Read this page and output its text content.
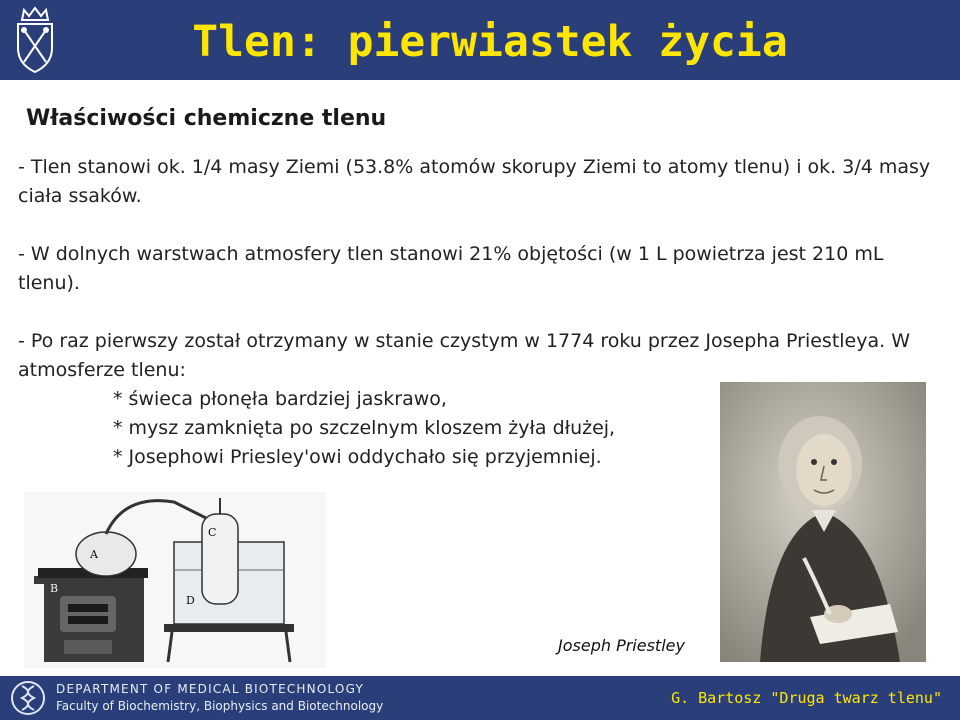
Tlen: pierwiastek życia
Właściwości chemiczne tlenu
- Tlen stanowi ok. 1/4 masy Ziemi (53.8% atomów skorupy Ziemi to atomy tlenu) i ok. 3/4 masy ciała ssaków.
- W dolnych warstwach atmosfery tlen stanowi 21% objętości (w 1 L powietrza jest 210 mL tlenu).
- Po raz pierwszy został otrzymany w stanie czystym w 1774 roku przez Josepha Priestleya. W atmosferze tlenu:
* świeca płonęła bardziej jaskrawo,
* mysz zamknięta po szczelnym kloszem żyła dłużej,
* Josephowi Priesley'owi oddychało się przyjemniej.
A
B
C
D
Joseph Priestley
DEPARTMENT OF MEDICAL BIOTECHNOLOGY
Faculty of Biochemistry, Biophysics and Biotechnology	G. Bartosz "Druga twarz tlenu"
